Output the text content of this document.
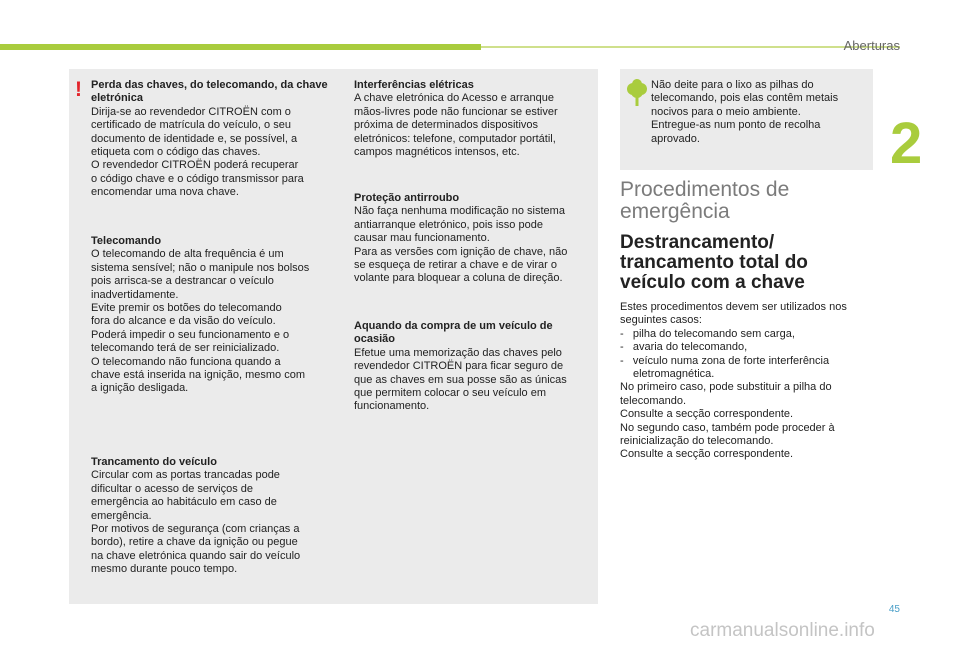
Aberturas
2
! Perda das chaves, do telecomando, da chave eletrónica

Dirija-se ao revendedor CITROËN com o
certificado de matrícula do veículo, o seu
documento de identidade e, se possível, a
etiqueta com o código das chaves.
O revendedor CITROËN poderá recuperar
o código chave e o código transmissor para
encomendar uma nova chave.

Telecomando

O telecomando de alta frequência é um
sistema sensível; não o manipule nos bolsos
pois arrisca-se a destrancar o veículo
inadvertidamente.
Evite premir os botões do telecomando
fora do alcance e da visão do veículo.
Poderá impedir o seu funcionamento e o
telecomando terá de ser reinicializado.
O telecomando não funciona quando a
chave está inserida na ignição, mesmo com
a ignição desligada.

Trancamento do veículo

Circular com as portas trancadas pode
dificultar o acesso de serviços de
emergência ao habitáculo em caso de
emergência.
Por motivos de segurança (com crianças a
bordo), retire a chave da ignição ou pegue
na chave eletrónica quando sair do veículo
mesmo durante pouco tempo.

Interferências elétricas

A chave eletrónica do Acesso e arranque
mãos-livres pode não funcionar se estiver
próxima de determinados dispositivos
eletrónicos: telefone, computador portátil,
campos magnéticos intensos, etc.

Proteção antirroubo

Não faça nenhuma modificação no sistema
antiarranque eletrónico, pois isso pode
causar mau funcionamento.
Para as versões com ignição de chave, não
se esqueça de retirar a chave e de virar o
volante para bloquear a coluna de direção.

Aquando da compra de um veículo de ocasião

Efetue uma memorização das chaves pelo
revendedor CITROËN para ficar seguro de
que as chaves em sua posse são as únicas
que permitem colocar o seu veículo em
funcionamento.

Não deite para o lixo as pilhas do
telecomando, pois elas contêm metais
nocivos para o meio ambiente.
Entregue-as num ponto de recolha
aprovado.

Procedimentos de
emergência
Destrancamento/
trancamento total do
veículo com a chave

Estes procedimentos devem ser utilizados nos seguintes casos:

-   pilha do telecomando sem carga,
-   avaria do telecomando,
-   veículo numa zona de forte interferência eletromagnética.

No primeiro caso, pode substituir a pilha do telecomando.

Consulte a secção correspondente.

No segundo caso, também pode proceder à reinicialização do telecomando.

Consulte a secção correspondente.

45
carmanualsonline.info
